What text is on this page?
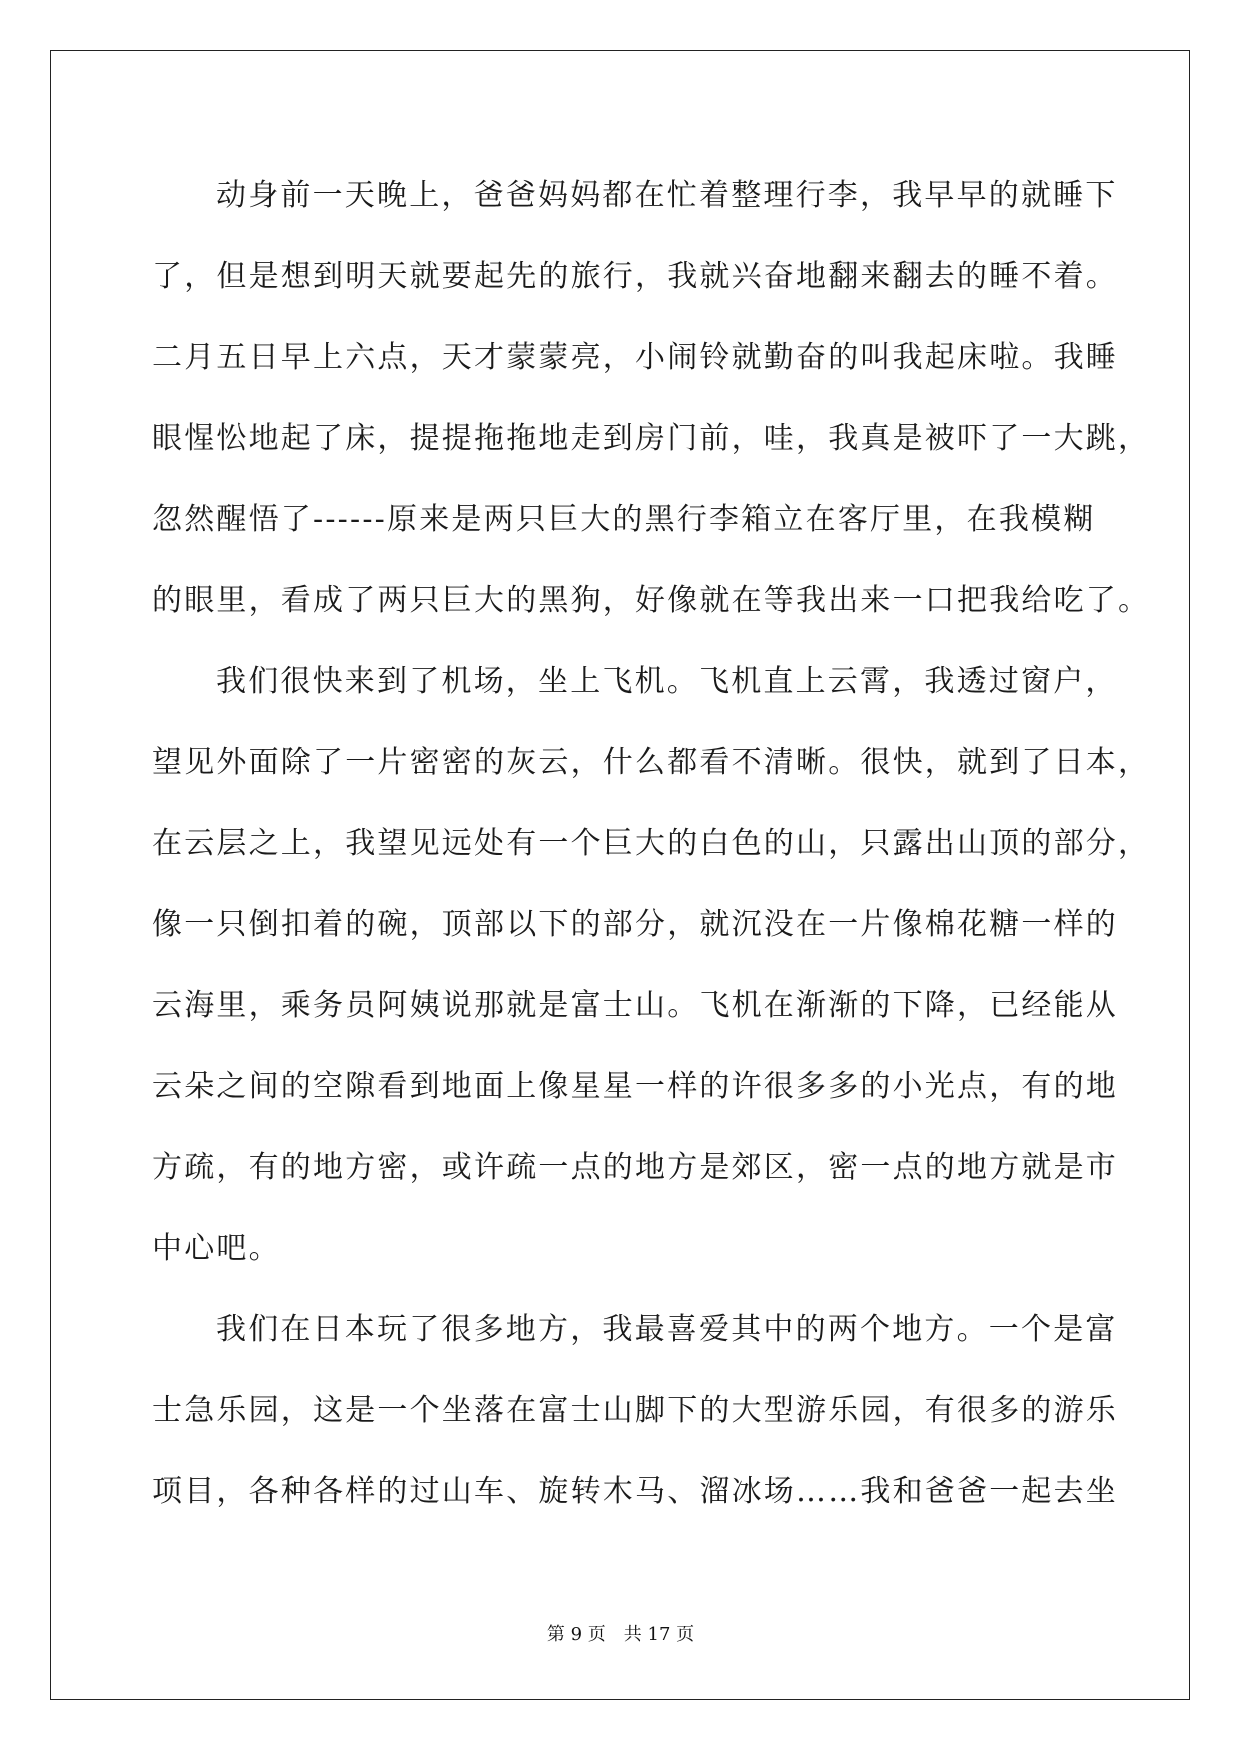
动身前一天晚上，爸爸妈妈都在忙着整理行李，我早早的就睡下
了，但是想到明天就要起先的旅行，我就兴奋地翻来翻去的睡不着。
二月五日早上六点，天才蒙蒙亮，小闹铃就勤奋的叫我起床啦。我睡
眼惺忪地起了床，提提拖拖地走到房门前，哇，我真是被吓了一大跳，
忽然醒悟了------原来是两只巨大的黑行李箱立在客厅里，在我模糊
的眼里，看成了两只巨大的黑狗，好像就在等我出来一口把我给吃了。
我们很快来到了机场，坐上飞机。飞机直上云霄，我透过窗户，
望见外面除了一片密密的灰云，什么都看不清晰。很快，就到了日本，
在云层之上，我望见远处有一个巨大的白色的山，只露出山顶的部分，
像一只倒扣着的碗，顶部以下的部分，就沉没在一片像棉花糖一样的
云海里，乘务员阿姨说那就是富士山。飞机在渐渐的下降，已经能从
云朵之间的空隙看到地面上像星星一样的许很多多的小光点，有的地
方疏，有的地方密，或许疏一点的地方是郊区，密一点的地方就是市
中心吧。
我们在日本玩了很多地方，我最喜爱其中的两个地方。一个是富
士急乐园，这是一个坐落在富士山脚下的大型游乐园，有很多的游乐
项目，各种各样的过山车、旋转木马、溜冰场……我和爸爸一起去坐
第 9 页　共 17 页
